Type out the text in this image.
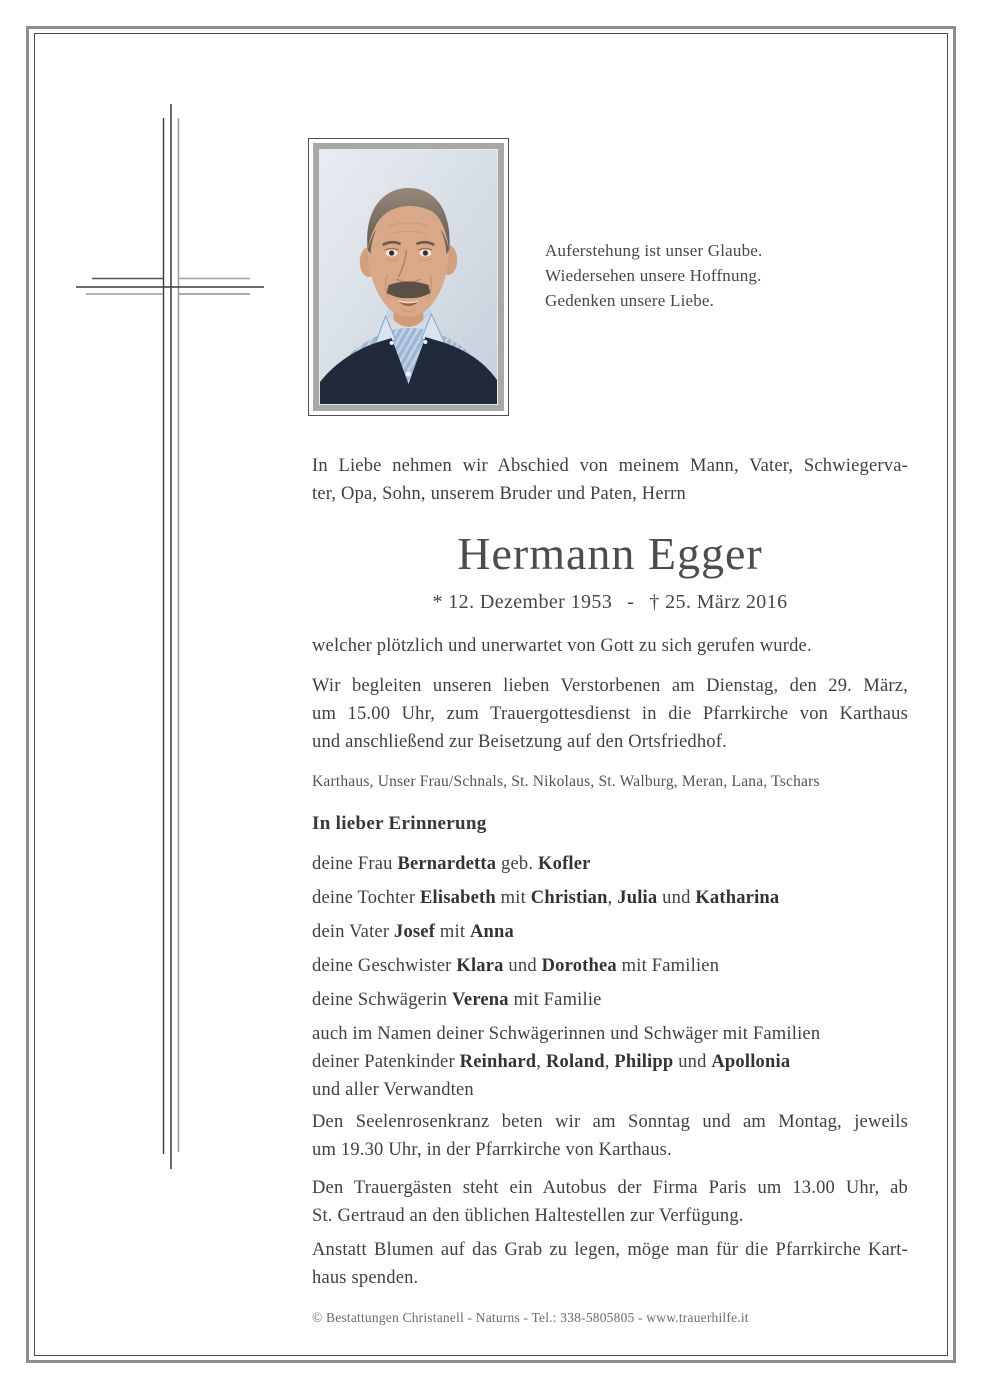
Auferstehung ist unser Glaube.
Wiedersehen unsere Hoffnung.
Gedenken unsere Liebe.
In Liebe nehmen wir Abschied von meinem Mann, Vater, Schwiegerva-
ter, Opa, Sohn, unserem Bruder und Paten, Herrn
Hermann Egger
* 12. Dezember 1953 - † 25. März 2016
welcher plötzlich und unerwartet von Gott zu sich gerufen wurde.
Wir begleiten unseren lieben Verstorbenen am Dienstag, den 29. März,
um 15.00 Uhr, zum Trauergottesdienst in die Pfarrkirche von Karthaus
und anschließend zur Beisetzung auf den Ortsfriedhof.
Karthaus, Unser Frau/Schnals, St. Nikolaus, St. Walburg, Meran, Lana, Tschars
In lieber Erinnerung
deine Frau Bernardetta geb. Kofler
deine Tochter Elisabeth mit Christian, Julia und Katharina
dein Vater Josef mit Anna
deine Geschwister Klara und Dorothea mit Familien
deine Schwägerin Verena mit Familie
auch im Namen deiner Schwägerinnen und Schwäger mit Familien
deiner Patenkinder Reinhard, Roland, Philipp und Apollonia
und aller Verwandten
Den Seelenrosenkranz beten wir am Sonntag und am Montag, jeweils
um 19.30 Uhr, in der Pfarrkirche von Karthaus.
Den Trauergästen steht ein Autobus der Firma Paris um 13.00 Uhr, ab
St. Gertraud an den üblichen Haltestellen zur Verfügung.
Anstatt Blumen auf das Grab zu legen, möge man für die Pfarrkirche Kart-
haus spenden.
© Bestattungen Christanell - Naturns - Tel.: 338-5805805 - www.trauerhilfe.it
